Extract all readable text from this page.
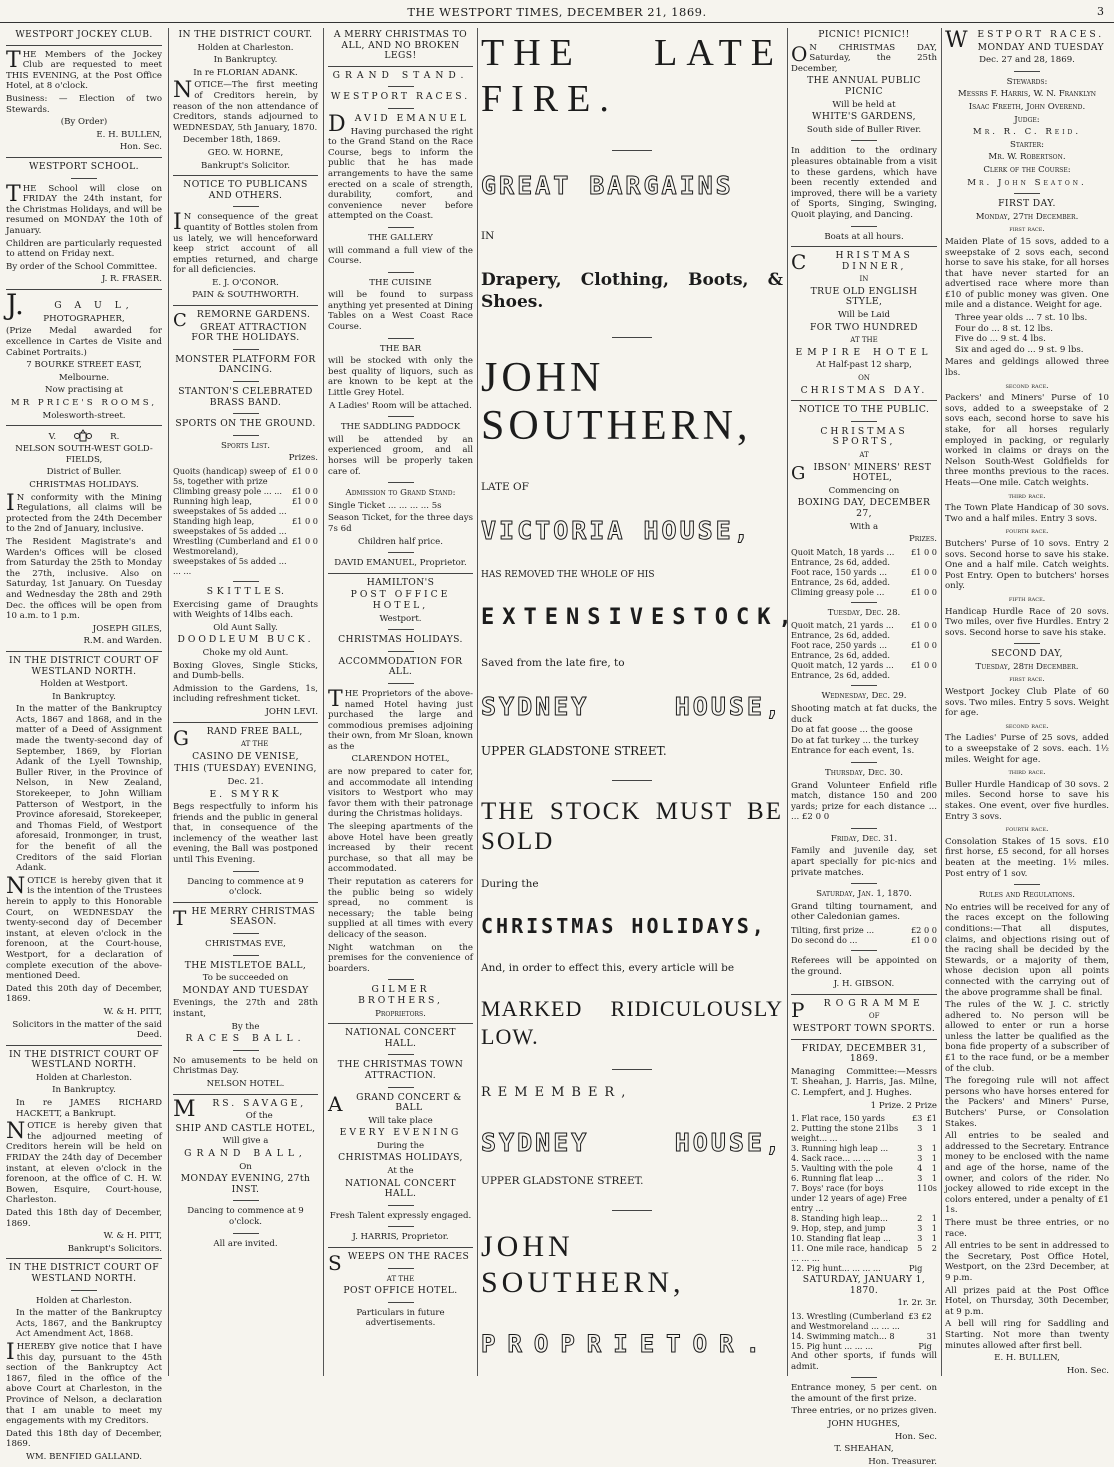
THE WESTPORT TIMES, DECEMBER 21, 1869.	3
WESTPORT JOCKEY CLUB.

THE Members of the Jockey Club are requested to meet THIS EVENING, at the Post Office Hotel, at 8 o'clock.

Business: — Election of two Stewards.

(By Order)

E. H. BULLEN,

Hon. Sec.

WESTPORT SCHOOL.

THE School will close on FRIDAY the 24th instant, for the Christmas Holidays, and will be resumed on MONDAY the 10th of January.

Children are particularly requested to attend on Friday next.

By order of the School Committee.

J. R. FRASER.

J.	G A U L,

PHOTOGRAPHER,

(Prize Medal awarded for excellence in Cartes de Visite and Cabinet Portraits.)

7 BOURKE STREET EAST,

Melbourne.

Now practising at

MR PRICE'S ROOMS,

Molesworth-street.

V.	R.

NELSON SOUTH-WEST GOLD-FIELDS,

District of Buller.

CHRISTMAS HOLIDAYS.

I N conformity with the Mining Regulations, all claims will be protected from the 24th December to the 2nd of January, inclusive.

The Resident Magistrate's and Warden's Offices will be closed from Saturday the 25th to Monday the 27th, inclusive. Also on Saturday, 1st January. On Tuesday and Wednesday the 28th and 29th Dec. the offices will be open from 10 a.m. to 1 p.m.

JOSEPH GILES,

R.M. and Warden.

IN THE DISTRICT COURT OF WESTLAND NORTH.

Holden at Westport.

In Bankruptcy.

In the matter of the Bankruptcy Acts, 1867 and 1868, and in the matter of a Deed of Assignment made the twenty-second day of September, 1869, by Florian Adank of the Lyell Township, Buller River, in the Province of Nelson, in New Zealand, Storekeeper, to John William Patterson of Westport, in the Province aforesaid, Storekeeper, and Thomas Field, of Westport aforesaid, Ironmonger, in trust, for the benefit of all the Creditors of the said Florian Adank.

NOTICE is hereby given that it is the intention of the Trustees herein to apply to this Honorable Court, on WEDNESDAY the twenty-second day of December instant, at eleven o'clock in the forenoon, at the Court-house, Westport, for a declaration of complete execution of the above-mentioned Deed.

Dated this 20th day of December, 1869.

W. & H. PITT,

Solicitors in the matter of the said Deed.

IN THE DISTRICT COURT OF WESTLAND NORTH.

Holden at Charleston.

In Bankruptcy.

In re JAMES RICHARD HACKETT, a Bankrupt.

NOTICE is hereby given that the adjourned meeting of Creditors herein will be held on FRIDAY the 24th day of December instant, at eleven o'clock in the forenoon, at the office of C. H. W. Bowen, Esquire, Court-house, Charleston.

Dated this 18th day of December, 1869.

W. & H. PITT,

Bankrupt's Solicitors.

IN THE DISTRICT COURT OF WESTLAND NORTH.

Holden at Charleston.

In the matter of the Bankruptcy Acts, 1867, and the Bankruptcy Act Amendment Act, 1868.

IHEREBY give notice that I have this day, pursuant to the 45th section of the Bankruptcy Act 1867, filed in the office of the above Court at Charleston, in the Province of Nelson, a declaration that I am unable to meet my engagements with my Creditors.

Dated this 18th day of December, 1869.

WM. BENFIED GALLAND.

IN THE DISTRICT COURT.

Holden at Charleston.

In Bankruptcy.

In re FLORIAN ADANK.

NOTICE—The first meeting of Creditors herein, by reason of the non attendance of Creditors, stands adjourned to WEDNESDAY, 5th January, 1870.

December 18th, 1869.

GEO. W. HORNE,

Bankrupt's Solicitor.

NOTICE TO PUBLICANS AND OTHERS.

I N consequence of the great quantity of Bottles stolen from us lately, we will henceforward keep strict account of all empties returned, and charge for all deficiencies.

E. J. O'CONOR.

PAIN & SOUTHWORTH.

C REMORNE GARDENS.
GREAT ATTRACTION FOR THE HOLIDAYS.
MONSTER PLATFORM FOR DANCING.
STANTON'S CELEBRATED BRASS BAND.
SPORTS ON THE GROUND.

Sports List.

Prizes.

Quoits (handicap) sweep of 5s, together with prize	£1 0 0
Climbing greasy pole ... ...	£1 0 0
Running high leap, sweepstakes of 5s added ...	£1 0 0
Standing high leap, sweepstakes of 5s added ...	£1 0 0
Wrestling (Cumberland and Westmoreland), sweepstakes of 5s added ... ... ...	£1 0 0
S K I T T L E S.

Exercising game of Draughts with Weights of 14lbs each.

Old Aunt Sally.

DOODLEUM BUCK.

Choke my old Aunt.

Boxing Gloves, Single Sticks, and Dumb-bells.

Admission to the Gardens, 1s, including refreshment ticket.

JOHN LEVI.

G RAND FREE BALL,

AT THE

CASINO DE VENISE,
THIS (TUESDAY) EVENING,

Dec. 21.

E. SMYRK

Begs respectfully to inform his friends and the public in general that, in consequence of the inclemency of the weather last evening, the Ball was postponed until This Evening.

Dancing to commence at 9 o'clock.

THE MERRY CHRISTMAS SEASON.

CHRISTMAS EVE,

THE MISTLETOE BALL,

To be succeeded on

MONDAY AND TUESDAY

Evenings, the 27th and 28th instant,

By the

RACES BALL.

No amusements to be held on Christmas Day.

NELSON HOTEL.

M RS. SAVAGE,

Of the

SHIP AND CASTLE HOTEL,

Will give a

GRAND BALL,

On

MONDAY EVENING, 27th INST.

Dancing to commence at 9 o'clock.

All are invited.

A MERRY CHRISTMAS TO ALL, AND NO BROKEN LEGS!
GRAND STAND.
WESTPORT RACES.
DAVID EMANUEL

Having purchased the right to the Grand Stand on the Race Course, begs to inform the public that he has made arrangements to have the same erected on a scale of strength, durability, comfort, and convenience never before attempted on the Coast.

THE GALLERY

will command a full view of the Course.

THE CUISINE

will be found to surpass anything yet presented at Dining Tables on a West Coast Race Course.

THE BAR

will be stocked with only the best quality of liquors, such as are known to be kept at the Little Grey Hotel.

A Ladies' Room will be attached.

THE SADDLING PADDOCK

will be attended by an experienced groom, and all horses will be properly taken care of.

Admission to Grand Stand:

Single Ticket ... ... ... ... 5s

Season Ticket, for the three days 7s 6d

Children half price.

DAVID EMANUEL, Proprietor.

HAMILTON'S
POST OFFICE HOTEL,

Westport.

CHRISTMAS HOLIDAYS.
ACCOMMODATION FOR ALL.

THE Proprietors of the above-named Hotel having just purchased the large and commodious premises adjoining their own, from Mr Sloan, known as the

CLARENDON HOTEL,

are now prepared to cater for, and accommodate all intending visitors to Westport who may favor them with their patronage during the Christmas holidays.

The sleeping apartments of the above Hotel have been greatly increased by their recent purchase, so that all may be accommodated.

Their reputation as caterers for the public being so widely spread, no comment is necessary; the table being supplied at all times with every delicacy of the season.

Night watchman on the premises for the convenience of boarders.

GILMER BROTHERS,

Proprietors.

NATIONAL CONCERT HALL.
THE CHRISTMAS TOWN ATTRACTION.
A GRAND CONCERT & BALL

Will take place

EVERY EVENING

During the

CHRISTMAS HOLIDAYS,

At the

NATIONAL CONCERT HALL.

Fresh Talent expressly engaged.

J. HARRIS, Proprietor.

SWEEPS ON THE RACES

AT THE

POST OFFICE HOTEL.

Particulars in future advertisements.

THE LATE FIRE.

GREAT BARGAINS

IN

Drapery, Clothing, Boots, & Shoes.

JOHN SOUTHERN,

LATE OF

VICTORIA HOUSE,

HAS REMOVED THE WHOLE OF HIS

EXTENSIVE STOCK,

Saved from the late fire, to

SYDNEY	HOUSE,

UPPER GLADSTONE STREET.

THE STOCK MUST BE SOLD

During the

CHRISTMAS HOLIDAYS,

And, in order to effect this, every article will be

MARKED RIDICULOUSLY LOW.

REMEMBER,

SYDNEY	HOUSE,

UPPER GLADSTONE STREET.

JOHN SOUTHERN,

PROPRIETOR.

PICNIC! PICNIC!!

O N CHRISTMAS DAY, Saturday, the 25th December,

THE ANNUAL PUBLIC PICNIC

Will be held at

WHITE'S GARDENS,

South side of Buller River.

In addition to the ordinary pleasures obtainable from a visit to these gardens, which have been recently extended and improved, there will be a variety of Sports, Singing, Swinging, Quoit playing, and Dancing.

Boats at all hours.

C	HRISTMAS DINNER,

IN

TRUE OLD ENGLISH STYLE,

Will be Laid

FOR TWO HUNDRED

AT THE

EMPIRE HOTEL

At Half-past 12 sharp,

ON

CHRISTMAS DAY.
NOTICE TO THE PUBLIC.
CHRISTMAS SPORTS,

AT

GIBSON' MINERS' REST HOTEL,

Commencing on

BOXING DAY, DECEMBER 27,

With a

Prizes.

Quoit Match, 18 yards ... Entrance, 2s 6d, added.	£1 0 0
Foot race, 150 yards ... Entrance, 2s 6d, added.	£1 0 0
Climing greasy pole ...	£1 0 0

Tuesday, Dec. 28.

Quoit match, 21 yards ... Entrance, 2s 6d, added.	£1 0 0
Foot race, 250 yards ... Entrance, 2s 6d, added.	£1 0 0
Quoit match, 12 yards ... Entrance, 2s 6d, added.	£1 0 0

Wednesday, Dec. 29.

Shooting match at fat ducks, the duck
Do at fat goose ... the goose
Do at fat turkey ... the turkey
Entrance for each event, 1s.

Thursday, Dec. 30.

Grand Volunteer Enfield rifle match, distance 150 and 200 yards; prize for each distance ... ... £2 0 0

Friday, Dec. 31.

Family and juvenile day, set apart specially for pic-nics and private matches.

Saturday, Jan. 1, 1870.

Grand tilting tournament, and other Caledonian games.

Tilting, first prize ...	£2 0 0
Do second do ...	£1 0 0

Referees will be appointed on the ground.

J. H. GIBSON.

P ROGRAMME

OF

WESTPORT TOWN SPORTS.
FRIDAY, DECEMBER 31, 1869.

Managing Committee:—Messrs T. Sheahan, J. Harris, Jas. Milne, C. Lempfert, and J. Hughes.

1 Prize. 2 Prize

1. Flat race, 150 yards	£3	£1
2. Putting the stone 21lbs weight... ...	3	1
3. Running high leap ...	3	1
4. Sack race... ... ...	3	1
5. Vaulting with the pole	4	1
6. Running flat leap ...	3	1
7. Boys' race (for boys under 12 years of age) Free entry ...	1	10s
8. Standing high leap...	2	1
9. Hop, step, and jump	3	1
10. Standing flat leap ...	3	1
11. One mile race, handicap ... ... ...	5	2
12. Pig hunt... ... ... ...	Pig	
SATURDAY, JANUARY 1, 1870.

1r. 2r. 3r.

13. Wrestling (Cumberland and Westmoreland ... ... ...	£3 £2	
14. Swimming match... 8	3	1
15. Pig hunt ... ... ...	Pig	

And other sports, if funds will admit.

Entrance money, 5 per cent. on the amount of the first prize.

Three entries, or no prizes given.

JOHN HUGHES,

Hon. Sec.

T. SHEAHAN,

Hon. Treasurer.

WESTPORT RACES.
MONDAY AND TUESDAY

Dec. 27 and 28, 1869.

Stewards:

Messrs F. Harris, W. N. Franklyn

Isaac Freeth, John Overend.

Judge:

Mr. R. C. Reid.

Starter:

Mr. W. Robertson.

Clerk of the Course:

Mr. John Seaton.

FIRST DAY.

Monday, 27th December.

first race.

Maiden Plate of 15 sovs, added to a sweepstake of 2 sovs each, second horse to save his stake, for all horses that have never started for an advertised race where more than £10 of public money was given. One mile and a distance. Weight for age.

Three year olds ... 7 st. 10 lbs.
Four do ... 8 st. 12 lbs.
Five do ... 9 st. 4 lbs.
Six and aged do ... 9 st. 9 lbs.

Mares and geldings allowed three lbs.

second race.

Packers' and Miners' Purse of 10 sovs, added to a sweepstake of 2 sovs each, second horse to save his stake, for all horses regularly employed in packing, or regularly worked in claims or drays on the Nelson South-West Goldfields for three months previous to the races. Heats—One mile. Catch weights.

third race.

The Town Plate Handicap of 30 sovs. Two and a half miles. Entry 3 sovs.

fourth race.

Butchers' Purse of 10 sovs. Entry 2 sovs. Second horse to save his stake. One and a half mile. Catch weights. Post Entry. Open to butchers' horses only.

fifth race.

Handicap Hurdle Race of 20 sovs. Two miles, over five Hurdles. Entry 2 sovs. Second horse to save his stake.

SECOND DAY,

Tuesday, 28th December.

first race.

Westport Jockey Club Plate of 60 sovs. Two miles. Entry 5 sovs. Weight for age.

second race.

The Ladies' Purse of 25 sovs, added to a sweepstake of 2 sovs. each. 1½ miles. Weight for age.

third race.

Buller Hurdle Handicap of 30 sovs. 2 miles. Second horse to save his stakes. One event, over five hurdles. Entry 3 sovs.

fourth race.

Consolation Stakes of 15 sovs. £10 first horse, £5 second, for all horses beaten at the meeting. 1½ miles. Post entry of 1 sov.

Rules and Regulations.

No entries will be received for any of the races except on the following conditions:—That all disputes, claims, and objections rising out of the racing shall be decided by the Stewards, or a majority of them, whose decision upon all points connected with the carrying out of the above programme shall be final.

The rules of the W. J. C. strictly adhered to. No person will be allowed to enter or run a horse unless the latter be qualified as the bona fide property of a subscriber of £1 to the race fund, or be a member of the club.

The foregoing rule will not affect persons who have horses entered for the Packers' and Miners' Purse, Butchers' Purse, or Consolation Stakes.

All entries to be sealed and addressed to the Secretary. Entrance money to be enclosed with the name and age of the horse, name of the owner, and colors of the rider. No jockey allowed to ride except in the colors entered, under a penalty of £1 1s.

There must be three entries, or no race.

All entries to be sent in addressed to the Secretary, Post Office Hotel, Westport, on the 23rd December, at 9 p.m.

All prizes paid at the Post Office Hotel, on Thursday, 30th December, at 9 p.m.

A bell will ring for Saddling and Starting. Not more than twenty minutes allowed after first bell.

E. H. BULLEN,

Hon. Sec.
